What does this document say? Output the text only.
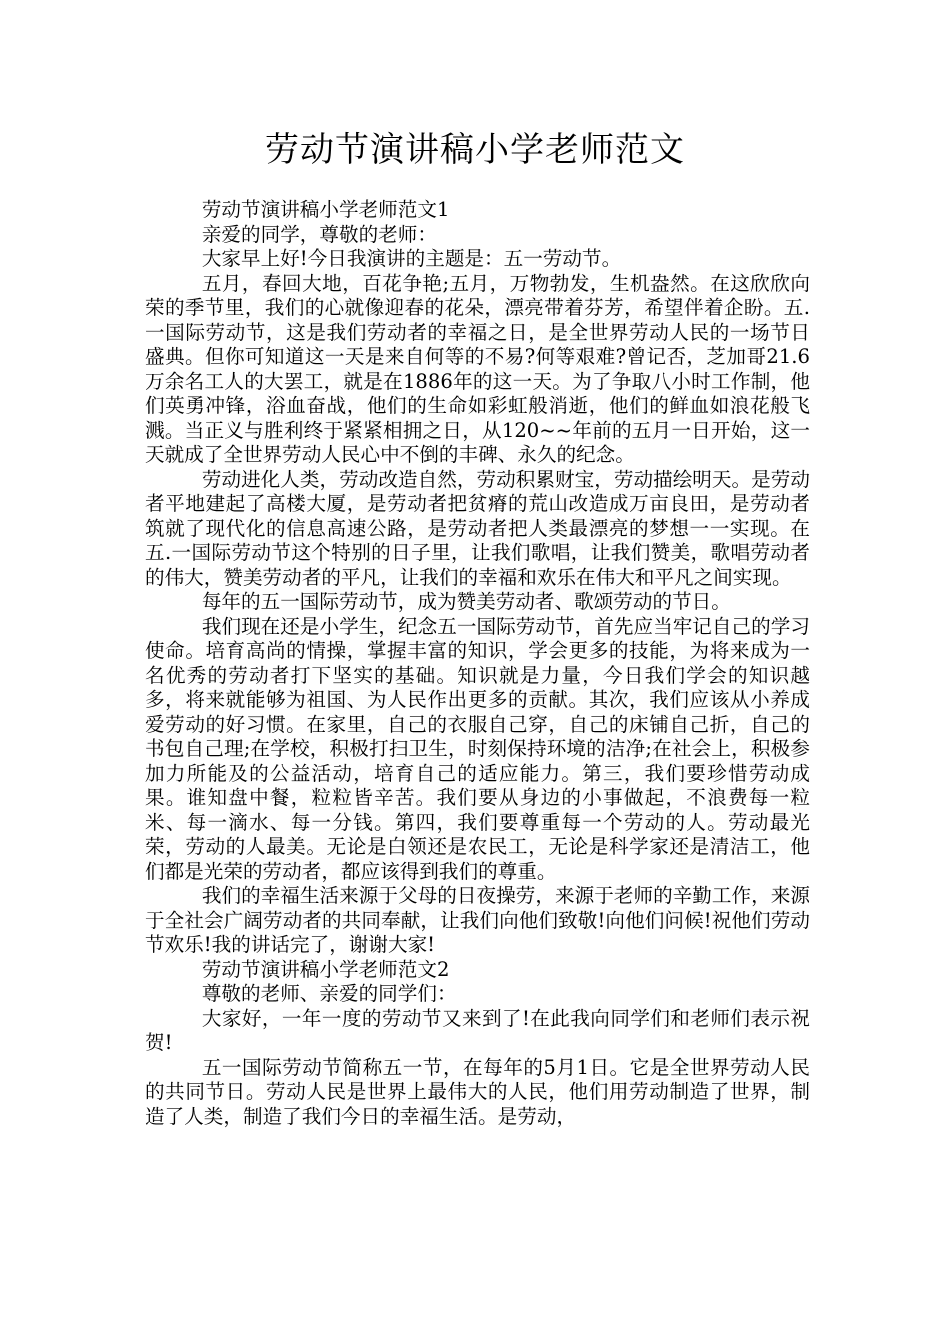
劳动节演讲稿小学老师范文

劳动节演讲稿小学老师范文1

亲爱的同学，尊敬的老师：

大家早上好!今日我演讲的主题是：五一劳动节。

五月，春回大地，百花争艳;五月，万物勃发，生机盎然。在这欣欣向荣的季节里，我们的心就像迎春的花朵，漂亮带着芬芳，希望伴着企盼。五.一国际劳动节，这是我们劳动者的幸福之日，是全世界劳动人民的一场节日盛典。但你可知道这一天是来自何等的不易?何等艰难?曾记否，芝加哥21.6万余名工人的大罢工，就是在1886年的这一天。为了争取八小时工作制，他们英勇冲锋，浴血奋战，他们的生命如彩虹般消逝，他们的鲜血如浪花般飞溅。当正义与胜利终于紧紧相拥之日，从120~~年前的五月一日开始，这一天就成了全世界劳动人民心中不倒的丰碑、永久的纪念。

劳动进化人类，劳动改造自然，劳动积累财宝，劳动描绘明天。是劳动者平地建起了高楼大厦，是劳动者把贫瘠的荒山改造成万亩良田，是劳动者筑就了现代化的信息高速公路，是劳动者把人类最漂亮的梦想一一实现。在五.一国际劳动节这个特别的日子里，让我们歌唱，让我们赞美，歌唱劳动者的伟大，赞美劳动者的平凡，让我们的幸福和欢乐在伟大和平凡之间实现。

每年的五一国际劳动节，成为赞美劳动者、歌颂劳动的节日。

我们现在还是小学生，纪念五一国际劳动节，首先应当牢记自己的学习使命。培育高尚的情操，掌握丰富的知识，学会更多的技能，为将来成为一名优秀的劳动者打下坚实的基础。知识就是力量，今日我们学会的知识越多，将来就能够为祖国、为人民作出更多的贡献。其次，我们应该从小养成爱劳动的好习惯。在家里，自己的衣服自己穿，自己的床铺自己折，自己的书包自己理;在学校，积极打扫卫生，时刻保持环境的洁净;在社会上，积极参加力所能及的公益活动，培育自己的适应能力。第三，我们要珍惜劳动成果。谁知盘中餐，粒粒皆辛苦。我们要从身边的小事做起，不浪费每一粒米、每一滴水、每一分钱。第四，我们要尊重每一个劳动的人。劳动最光荣，劳动的人最美。无论是白领还是农民工，无论是科学家还是清洁工，他们都是光荣的劳动者，都应该得到我们的尊重。

我们的幸福生活来源于父母的日夜操劳，来源于老师的辛勤工作，来源于全社会广阔劳动者的共同奉献，让我们向他们致敬!向他们问候!祝他们劳动节欢乐!我的讲话完了，谢谢大家!

劳动节演讲稿小学老师范文2

尊敬的老师、亲爱的同学们：

大家好，一年一度的劳动节又来到了!在此我向同学们和老师们表示祝贺!

五一国际劳动节简称五一节，在每年的5月1日。它是全世界劳动人民的共同节日。劳动人民是世界上最伟大的人民，他们用劳动制造了世界，制造了人类，制造了我们今日的幸福生活。是劳动，
